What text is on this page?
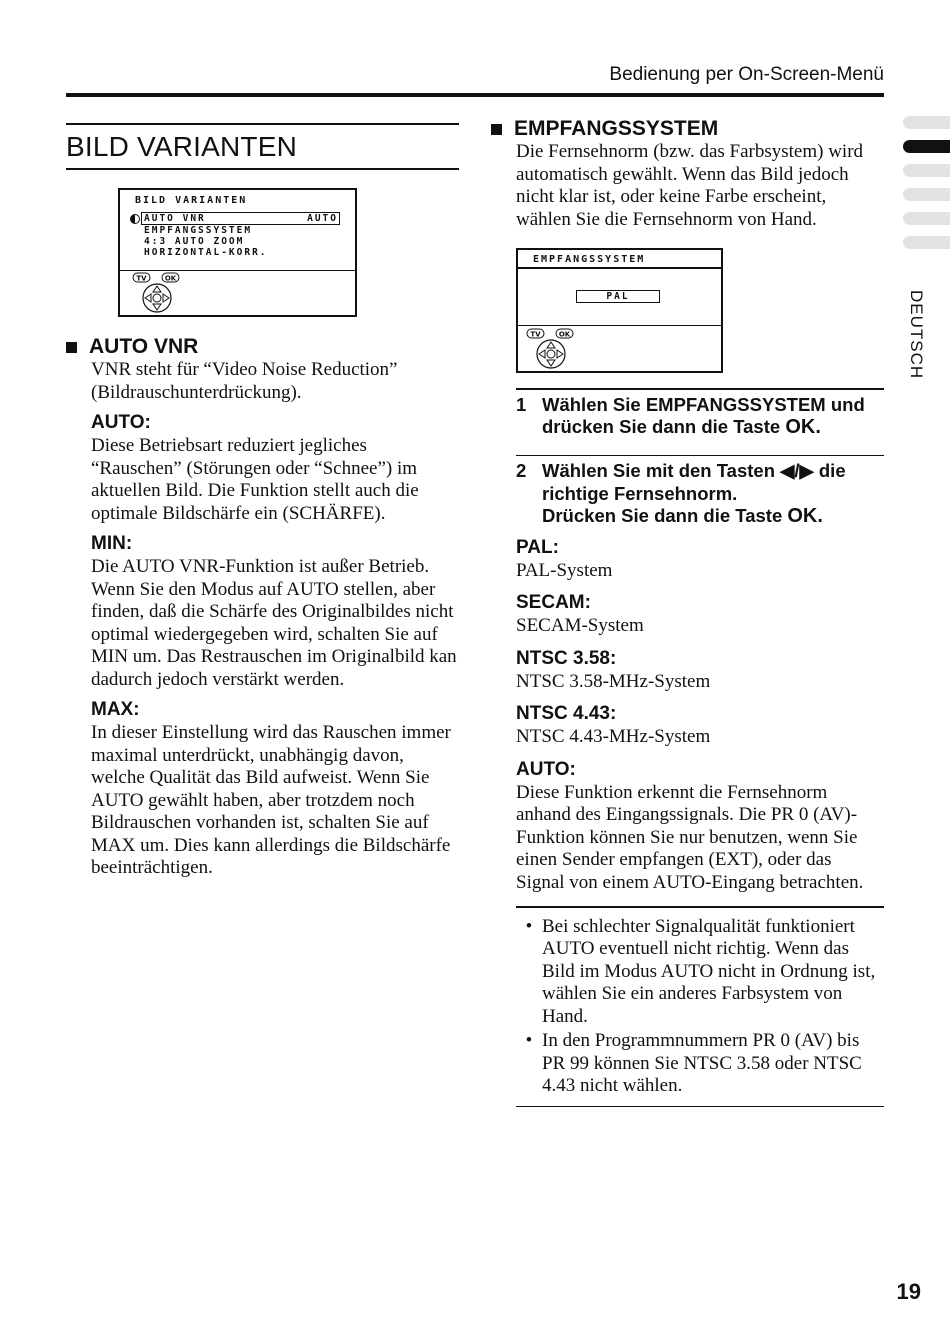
Bedienung per On-Screen-Menü
DEUTSCH
BILD VARIANTEN
BILD VARIANTEN
AUTO VNR	AUTO
EMPFANGSSYSTEM
4:3 AUTO ZOOM
HORIZONTAL-KORR.
TV	OK
AUTO VNR

VNR steht für “Video Noise Reduction” (Bildrauschunterdrückung).

AUTO:

Diese Betriebsart reduziert jegliches “Rauschen” (Störungen oder “Schnee”) im aktuellen Bild. Die Funktion stellt auch die optimale Bildschärfe ein (SCHÄRFE).

MIN:

Die AUTO VNR-Funktion ist außer Betrieb. Wenn Sie den Modus auf AUTO stellen, aber finden, daß die Schärfe des Originalbildes nicht optimal wiedergegeben wird, schalten Sie auf MIN um. Das Restrauschen im Originalbild kan dadurch jedoch verstärkt werden.

MAX:

In dieser Einstellung wird das Rauschen immer maximal unterdrückt, unabhängig davon, welche Qualität das Bild aufweist. Wenn Sie AUTO gewählt haben, aber trotzdem noch Bildrauschen vorhanden ist, schalten Sie auf MAX um. Dies kann allerdings die Bildschärfe beeinträchtigen.

EMPFANGSSYSTEM

Die Fernsehnorm (bzw. das Farbsystem) wird automatisch gewählt. Wenn das Bild jedoch nicht klar ist, oder keine Farbe erscheint, wählen Sie die Fernsehnorm von Hand.

EMPFANGSSYSTEM
PAL
TV	OK
1 Wählen Sie EMPFANGSSYSTEM und drücken Sie dann die Taste OK.
2 Wählen Sie mit den Tasten ◀/▶ die richtige Fernsehnorm.
Drücken Sie dann die Taste OK.

PAL:

PAL-System

SECAM:

SECAM-System

NTSC 3.58:

NTSC 3.58-MHz-System

NTSC 4.43:

NTSC 4.43-MHz-System

AUTO:

Diese Funktion erkennt die Fernsehnorm anhand des Eingangssignals. Die PR 0 (AV)-Funktion können Sie nur benutzen, wenn Sie einen Sender empfangen (EXT), oder das Signal von einem AUTO-Eingang betrachten.

• Bei schlechter Signalqualität funktioniert AUTO eventuell nicht richtig. Wenn das Bild im Modus AUTO nicht in Ordnung ist, wählen Sie ein anderes Farbsystem von Hand.
• In den Programmnummern PR 0 (AV) bis PR 99 können Sie NTSC 3.58 oder NTSC 4.43 nicht wählen.
19
